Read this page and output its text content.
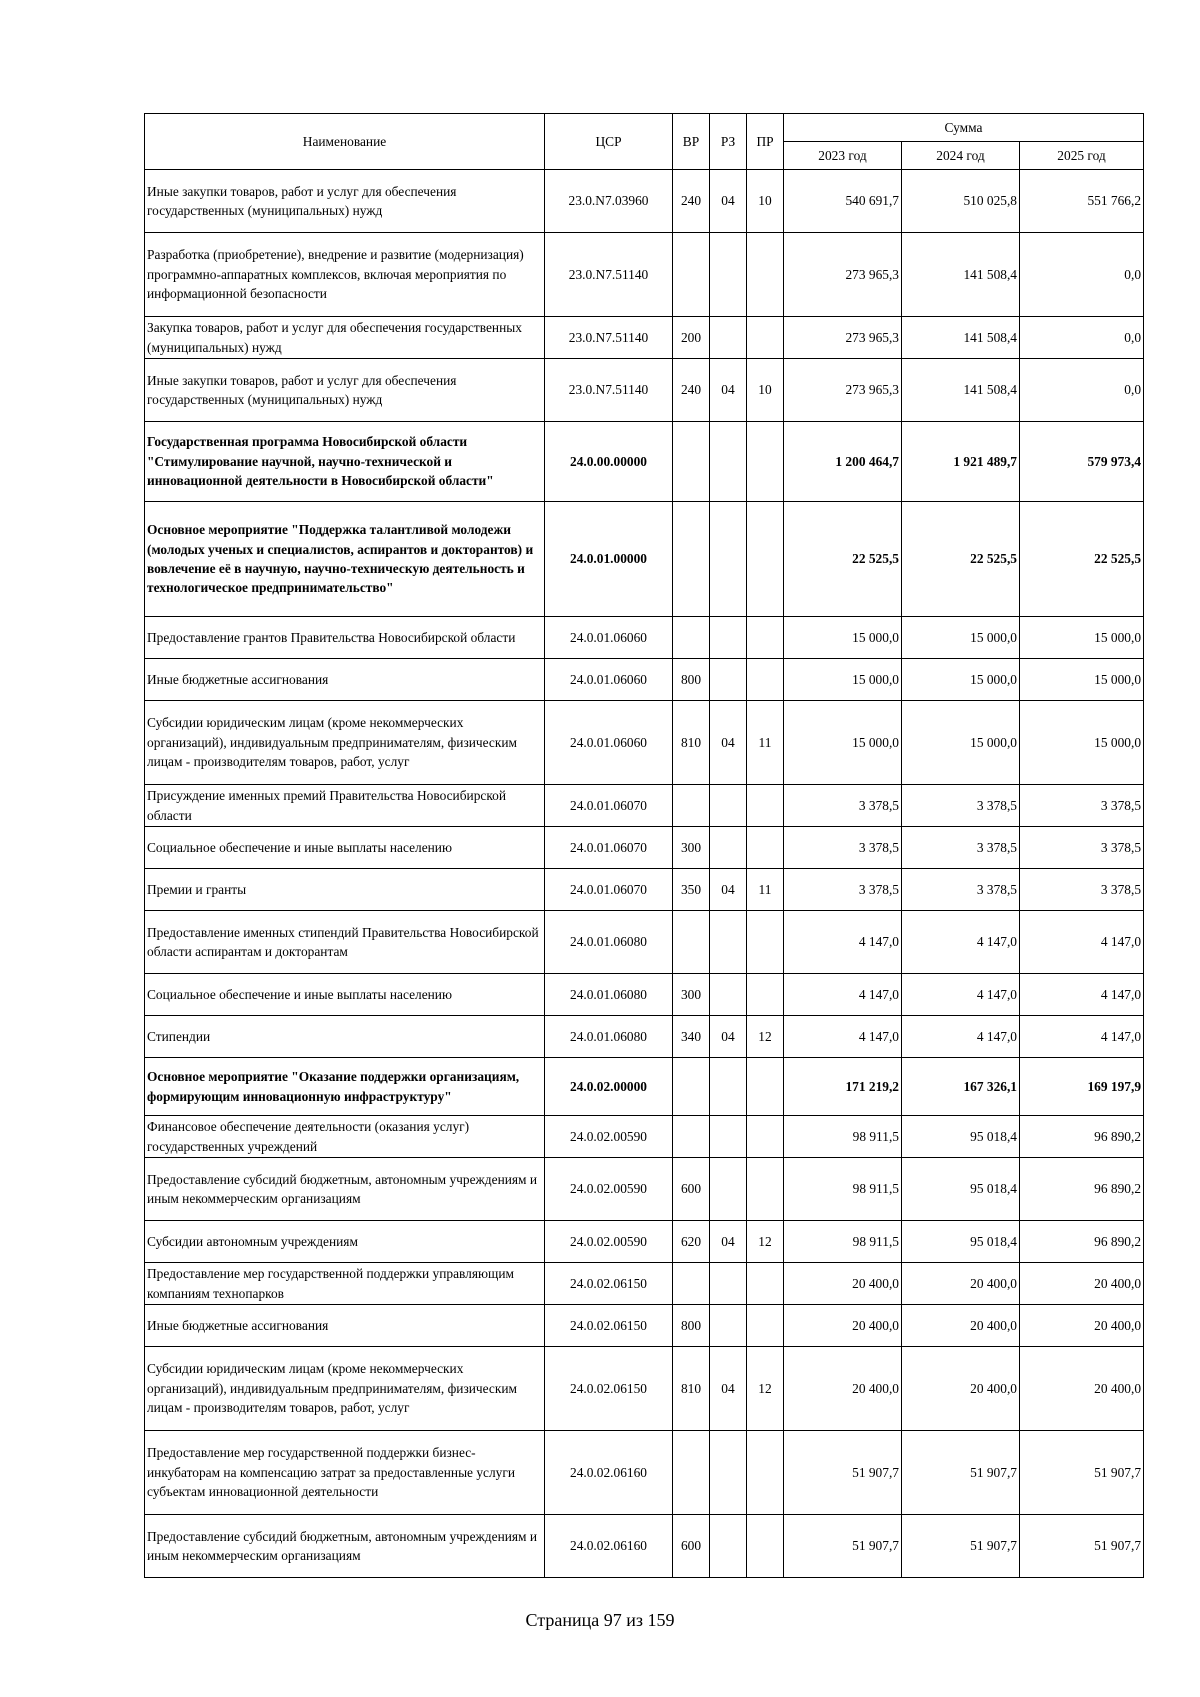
Наименование	ЦСР	ВР	РЗ	ПР	Сумма		
					2023 год	2024 год	2025 год
Иные закупки товаров, работ и услуг для обеспечения государственных (муниципальных) нужд	23.0.N7.03960	240	04	10	540 691,7	510 025,8	551 766,2
Разработка (приобретение), внедрение и развитие (модернизация) программно-аппаратных комплексов, включая мероприятия по информационной безопасности	23.0.N7.51140				273 965,3	141 508,4	0,0
Закупка товаров, работ и услуг для обеспечения государственных (муниципальных) нужд	23.0.N7.51140	200			273 965,3	141 508,4	0,0
Иные закупки товаров, работ и услуг для обеспечения государственных (муниципальных) нужд	23.0.N7.51140	240	04	10	273 965,3	141 508,4	0,0
Государственная программа Новосибирской области "Стимулирование научной, научно-технической и инновационной деятельности в Новосибирской области"	24.0.00.00000				1 200 464,7	1 921 489,7	579 973,4
Основное мероприятие "Поддержка талантливой молодежи (молодых ученых и специалистов, аспирантов и докторантов) и вовлечение её в научную, научно-техническую деятельность и технологическое предпринимательство"	24.0.01.00000				22 525,5	22 525,5	22 525,5
Предоставление грантов Правительства Новосибирской области	24.0.01.06060				15 000,0	15 000,0	15 000,0
Иные бюджетные ассигнования	24.0.01.06060	800			15 000,0	15 000,0	15 000,0
Субсидии юридическим лицам (кроме некоммерческих организаций), индивидуальным предпринимателям, физическим лицам - производителям товаров, работ, услуг	24.0.01.06060	810	04	11	15 000,0	15 000,0	15 000,0
Присуждение именных премий Правительства Новосибирской области	24.0.01.06070				3 378,5	3 378,5	3 378,5
Социальное обеспечение и иные выплаты населению	24.0.01.06070	300			3 378,5	3 378,5	3 378,5
Премии и гранты	24.0.01.06070	350	04	11	3 378,5	3 378,5	3 378,5
Предоставление именных стипендий Правительства Новосибирской области аспирантам и докторантам	24.0.01.06080				4 147,0	4 147,0	4 147,0
Социальное обеспечение и иные выплаты населению	24.0.01.06080	300			4 147,0	4 147,0	4 147,0
Стипендии	24.0.01.06080	340	04	12	4 147,0	4 147,0	4 147,0
Основное мероприятие "Оказание поддержки организациям, формирующим инновационную инфраструктуру"	24.0.02.00000				171 219,2	167 326,1	169 197,9
Финансовое обеспечение деятельности (оказания услуг) государственных учреждений	24.0.02.00590				98 911,5	95 018,4	96 890,2
Предоставление субсидий бюджетным, автономным учреждениям и иным некоммерческим организациям	24.0.02.00590	600			98 911,5	95 018,4	96 890,2
Субсидии автономным учреждениям	24.0.02.00590	620	04	12	98 911,5	95 018,4	96 890,2
Предоставление мер государственной поддержки управляющим компаниям технопарков	24.0.02.06150				20 400,0	20 400,0	20 400,0
Иные бюджетные ассигнования	24.0.02.06150	800			20 400,0	20 400,0	20 400,0
Субсидии юридическим лицам (кроме некоммерческих организаций), индивидуальным предпринимателям, физическим лицам - производителям товаров, работ, услуг	24.0.02.06150	810	04	12	20 400,0	20 400,0	20 400,0
Предоставление мер государственной поддержки бизнес-инкубаторам на компенсацию затрат за предоставленные услуги субъектам инновационной деятельности	24.0.02.06160				51 907,7	51 907,7	51 907,7
Предоставление субсидий бюджетным, автономным учреждениям и иным некоммерческим организациям	24.0.02.06160	600			51 907,7	51 907,7	51 907,7
Страница 97 из 159
